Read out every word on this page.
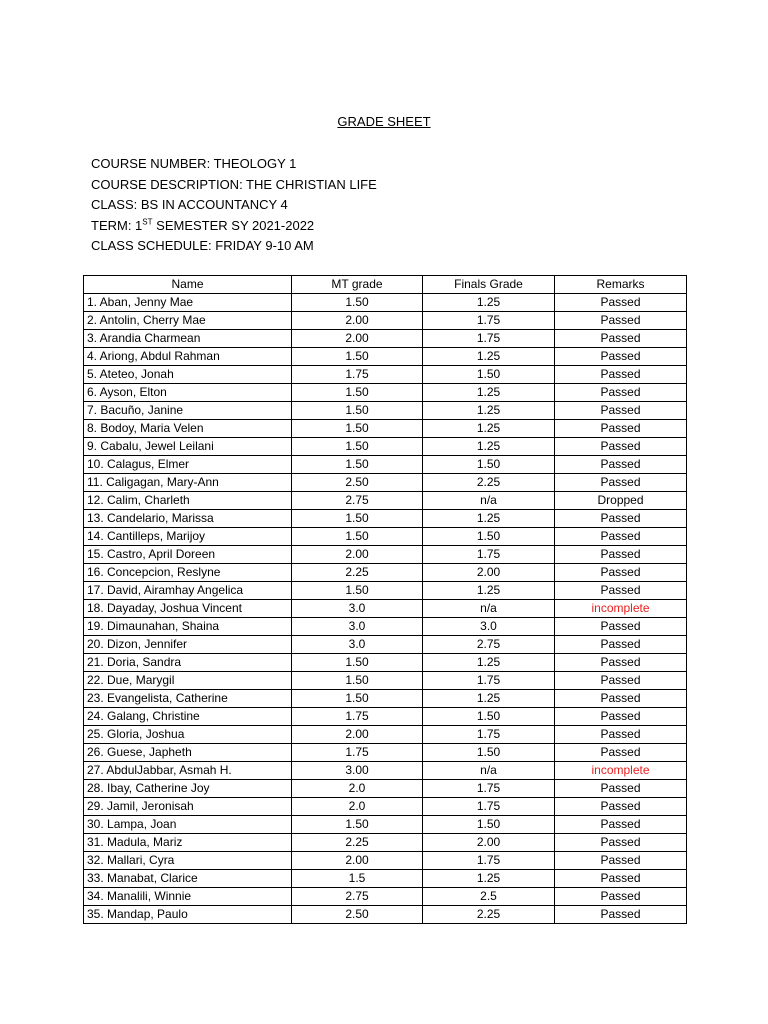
GRADE SHEET
COURSE NUMBER: THEOLOGY 1
COURSE DESCRIPTION: THE CHRISTIAN LIFE
CLASS: BS IN ACCOUNTANCY 4
TERM: 1ST SEMESTER SY 2021-2022
CLASS SCHEDULE: FRIDAY 9-10 AM
Name	MT grade	Finals Grade	Remarks
1. Aban, Jenny Mae	1.50	1.25	Passed
2. Antolin, Cherry Mae	2.00	1.75	Passed
3. Arandia Charmean	2.00	1.75	Passed
4. Ariong, Abdul Rahman	1.50	1.25	Passed
5. Ateteo, Jonah	1.75	1.50	Passed
6. Ayson, Elton	1.50	1.25	Passed
7. Bacuño, Janine	1.50	1.25	Passed
8. Bodoy, Maria Velen	1.50	1.25	Passed
9. Cabalu, Jewel Leilani	1.50	1.25	Passed
10. Calagus, Elmer	1.50	1.50	Passed
11. Caligagan, Mary-Ann	2.50	2.25	Passed
12. Calim, Charleth	2.75	n/a	Dropped
13. Candelario, Marissa	1.50	1.25	Passed
14. Cantilleps, Marijoy	1.50	1.50	Passed
15. Castro, April Doreen	2.00	1.75	Passed
16. Concepcion, Reslyne	2.25	2.00	Passed
17. David, Airamhay Angelica	1.50	1.25	Passed
18. Dayaday, Joshua Vincent	3.0	n/a	incomplete
19. Dimaunahan, Shaina	3.0	3.0	Passed
20. Dizon, Jennifer	3.0	2.75	Passed
21. Doria, Sandra	1.50	1.25	Passed
22. Due, Marygil	1.50	1.75	Passed
23. Evangelista, Catherine	1.50	1.25	Passed
24. Galang, Christine	1.75	1.50	Passed
25. Gloria, Joshua	2.00	1.75	Passed
26. Guese, Japheth	1.75	1.50	Passed
27. AbdulJabbar, Asmah H.	3.00	n/a	incomplete
28. Ibay, Catherine Joy	2.0	1.75	Passed
29. Jamil, Jeronisah	2.0	1.75	Passed
30. Lampa, Joan	1.50	1.50	Passed
31. Madula, Mariz	2.25	2.00	Passed
32. Mallari, Cyra	2.00	1.75	Passed
33. Manabat, Clarice	1.5	1.25	Passed
34. Manalili, Winnie	2.75	2.5	Passed
35. Mandap, Paulo	2.50	2.25	Passed
